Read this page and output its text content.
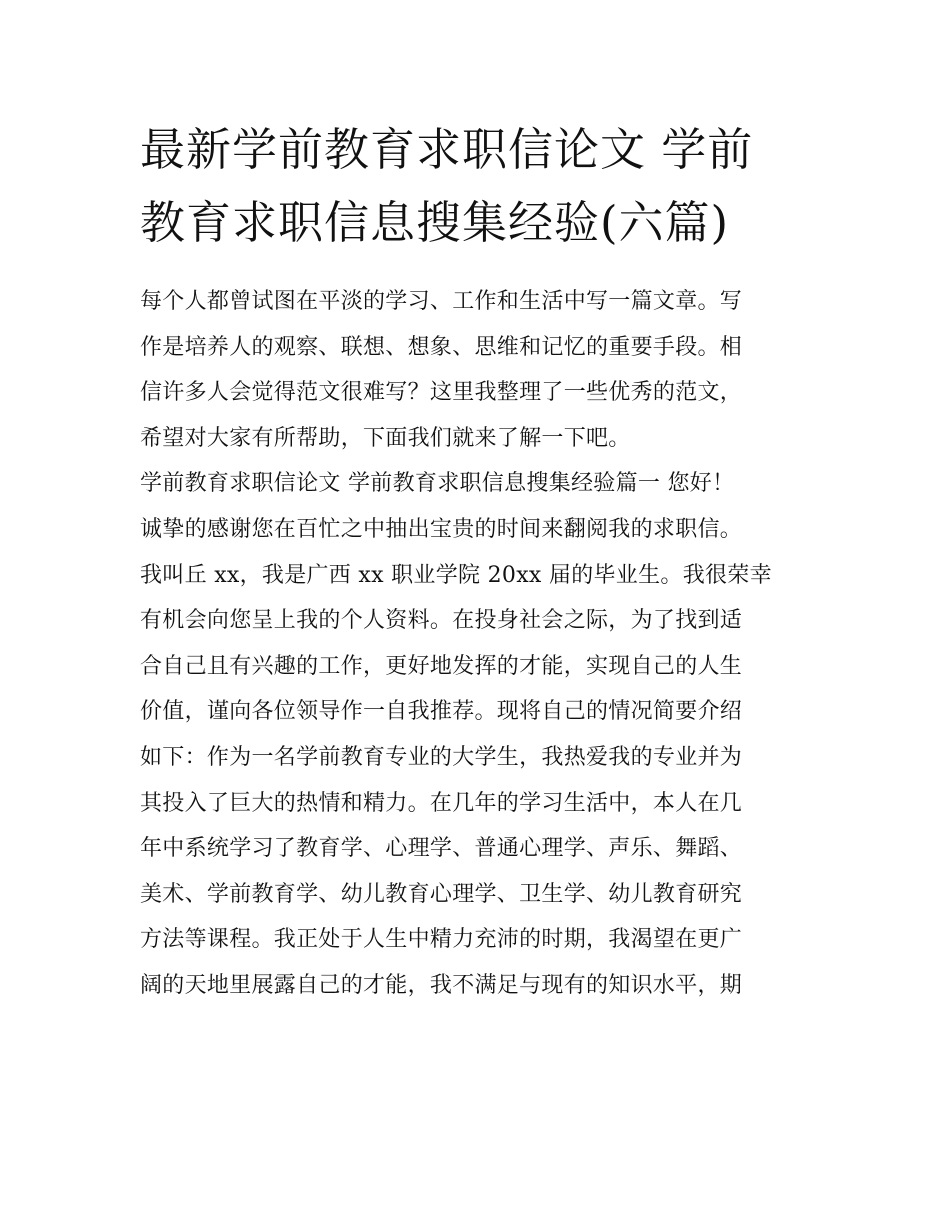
最新学前教育求职信论文 学前
教育求职信息搜集经验(六篇)
每个人都曾试图在平淡的学习、工作和生活中写一篇文章。写
作是培养人的观察、联想、想象、思维和记忆的重要手段。相
信许多人会觉得范文很难写？这里我整理了一些优秀的范文，
希望对大家有所帮助，下面我们就来了解一下吧。
学前教育求职信论文 学前教育求职信息搜集经验篇一 您好！
诚挚的感谢您在百忙之中抽出宝贵的时间来翻阅我的求职信。
我叫丘 xx，我是广西 xx 职业学院 20xx 届的毕业生。我很荣幸
有机会向您呈上我的个人资料。在投身社会之际，为了找到适
合自己且有兴趣的工作，更好地发挥的才能，实现自己的人生
价值，谨向各位领导作一自我推荐。现将自己的情况简要介绍
如下：作为一名学前教育专业的大学生，我热爱我的专业并为
其投入了巨大的热情和精力。在几年的学习生活中，本人在几
年中系统学习了教育学、心理学、普通心理学、声乐、舞蹈、
美术、学前教育学、幼儿教育心理学、卫生学、幼儿教育研究
方法等课程。我正处于人生中精力充沛的时期，我渴望在更广
阔的天地里展露自己的才能，我不满足与现有的知识水平，期
